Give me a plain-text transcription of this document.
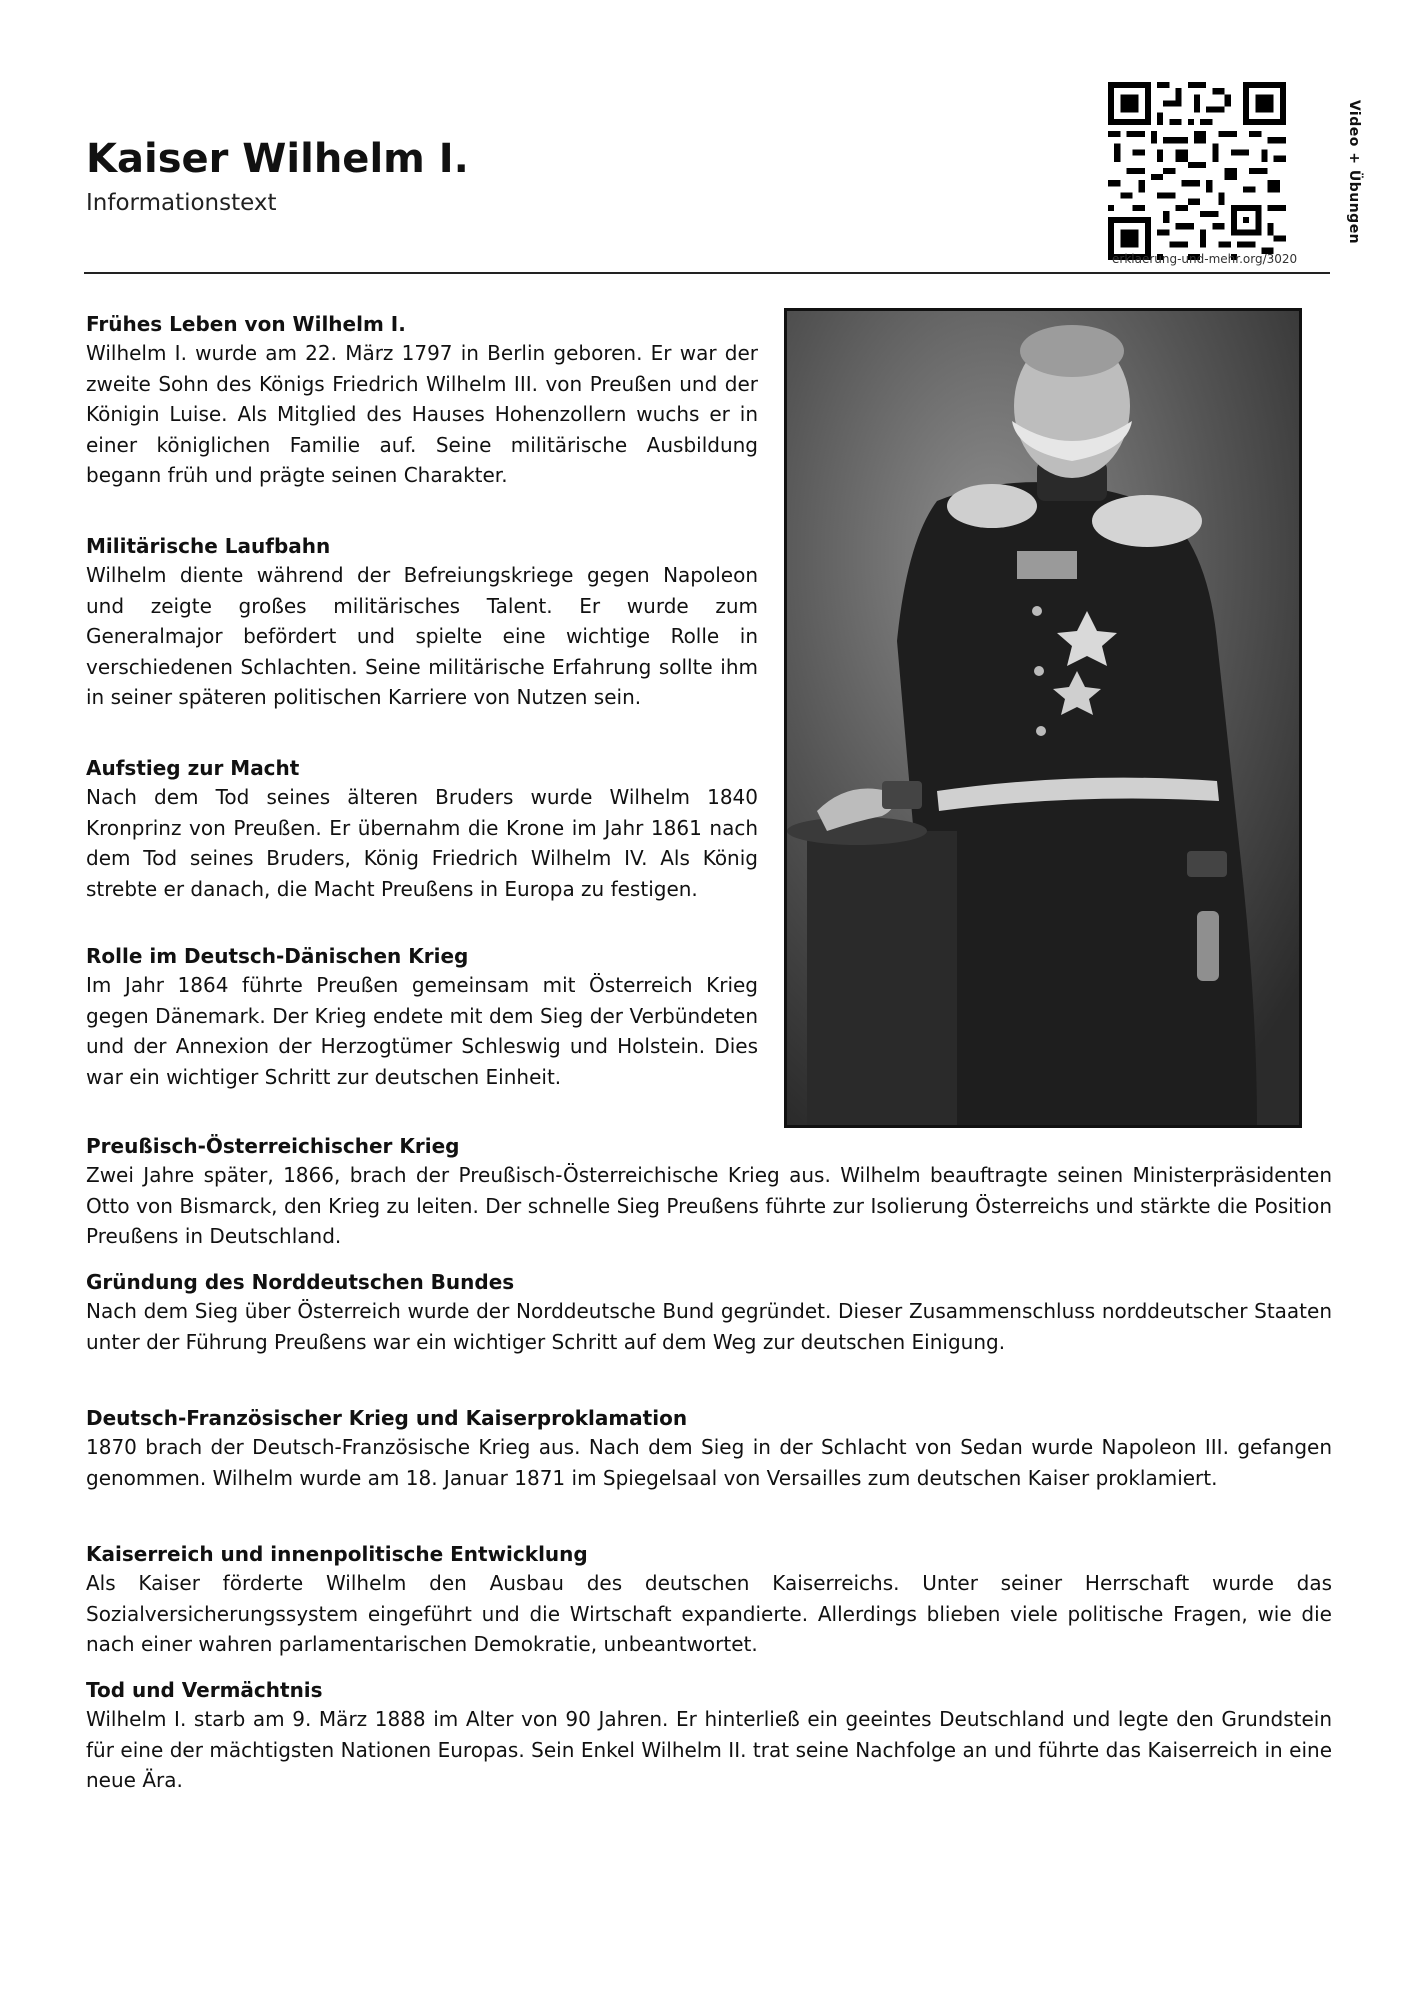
Kaiser Wilhelm I.
Informationstext
erklaerung-und-mehr.org/3020
Video + Übungen
Frühes Leben von Wilhelm I.

Wilhelm I. wurde am 22. März 1797 in Berlin geboren. Er war der zweite Sohn des Königs Friedrich Wilhelm III. von Preußen und der Königin Luise. Als Mitglied des Hauses Hohenzollern wuchs er in einer königlichen Familie auf. Seine militärische Ausbildung begann früh und prägte seinen Charakter.

Militärische Laufbahn

Wilhelm diente während der Befreiungskriege gegen Napoleon und zeigte großes militärisches Talent. Er wurde zum Generalmajor befördert und spielte eine wichtige Rolle in verschiedenen Schlachten. Seine militärische Erfahrung sollte ihm in seiner späteren politischen Karriere von Nutzen sein.

Aufstieg zur Macht

Nach dem Tod seines älteren Bruders wurde Wilhelm 1840 Kronprinz von Preußen. Er übernahm die Krone im Jahr 1861 nach dem Tod seines Bruders, König Friedrich Wilhelm IV. Als König strebte er danach, die Macht Preußens in Europa zu festigen.

Rolle im Deutsch-Dänischen Krieg

Im Jahr 1864 führte Preußen gemeinsam mit Österreich Krieg gegen Dänemark. Der Krieg endete mit dem Sieg der Verbündeten und der Annexion der Herzogtümer Schleswig und Holstein. Dies war ein wichtiger Schritt zur deutschen Einheit.

Preußisch-Österreichischer Krieg

Zwei Jahre später, 1866, brach der Preußisch-Österreichische Krieg aus. Wilhelm beauftragte seinen Ministerpräsidenten Otto von Bismarck, den Krieg zu leiten. Der schnelle Sieg Preußens führte zur Isolierung Österreichs und stärkte die Position Preußens in Deutschland.

Gründung des Norddeutschen Bundes

Nach dem Sieg über Österreich wurde der Norddeutsche Bund gegründet. Dieser Zusammenschluss norddeutscher Staaten unter der Führung Preußens war ein wichtiger Schritt auf dem Weg zur deutschen Einigung.

Deutsch-Französischer Krieg und Kaiserproklamation

1870 brach der Deutsch-Französische Krieg aus. Nach dem Sieg in der Schlacht von Sedan wurde Napoleon III. gefangen genommen. Wilhelm wurde am 18. Januar 1871 im Spiegelsaal von Versailles zum deutschen Kaiser proklamiert.

Kaiserreich und innenpolitische Entwicklung

Als Kaiser förderte Wilhelm den Ausbau des deutschen Kaiserreichs. Unter seiner Herrschaft wurde das Sozialversicherungssystem eingeführt und die Wirtschaft expandierte. Allerdings blieben viele politische Fragen, wie die nach einer wahren parlamentarischen Demokratie, unbeantwortet.

Tod und Vermächtnis

Wilhelm I. starb am 9. März 1888 im Alter von 90 Jahren. Er hinterließ ein geeintes Deutschland und legte den Grundstein für eine der mächtigsten Nationen Europas. Sein Enkel Wilhelm II. trat seine Nachfolge an und führte das Kaiserreich in eine neue Ära.
